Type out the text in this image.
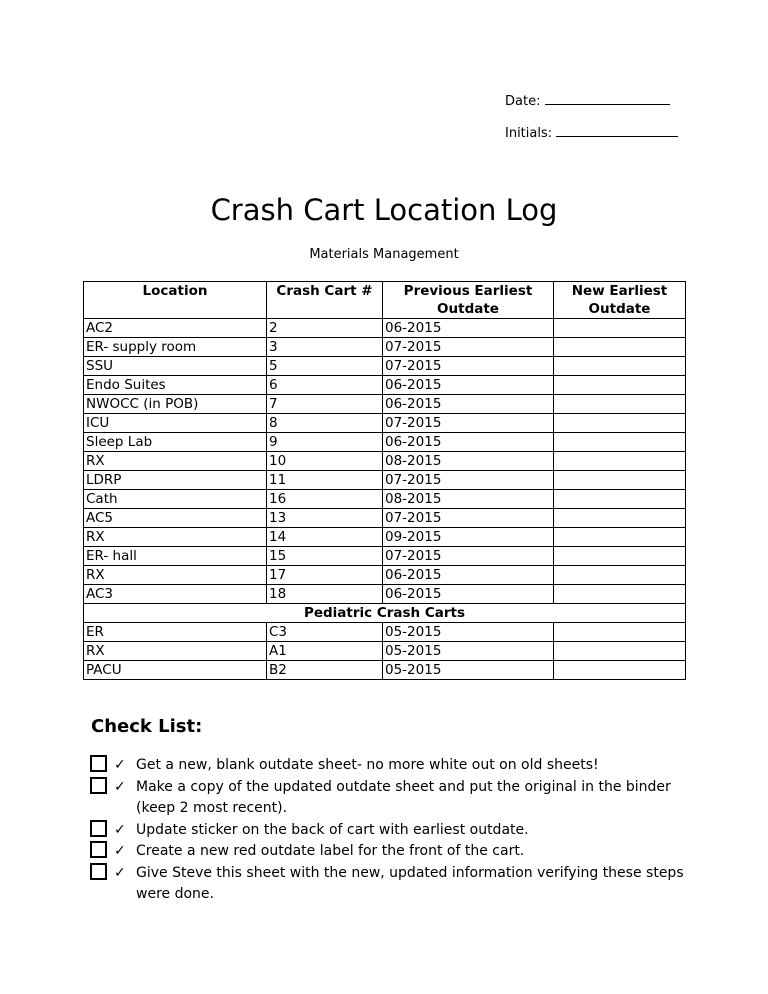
Date:
Initials:
Crash Cart Location Log
Materials Management
Location	Crash Cart #	Previous Earliest Outdate	New Earliest Outdate
AC2	2	06-2015	
ER- supply room	3	07-2015	
SSU	5	07-2015	
Endo Suites	6	06-2015	
NWOCC (in POB)	7	06-2015	
ICU	8	07-2015	
Sleep Lab	9	06-2015	
RX	10	08-2015	
LDRP	11	07-2015	
Cath	16	08-2015	
AC5	13	07-2015	
RX	14	09-2015	
ER- hall	15	07-2015	
RX	17	06-2015	
AC3	18	06-2015	
Pediatric Crash Carts			
ER	C3	05-2015	
RX	A1	05-2015	
PACU	B2	05-2015	
Check List:
✓ Get a new, blank outdate sheet- no more white out on old sheets!
✓ Make a copy of the updated outdate sheet and put the original in the binder (keep 2 most recent).
✓ Update sticker on the back of cart with earliest outdate.
✓ Create a new red outdate label for the front of the cart.
✓ Give Steve this sheet with the new, updated information verifying these steps were done.
